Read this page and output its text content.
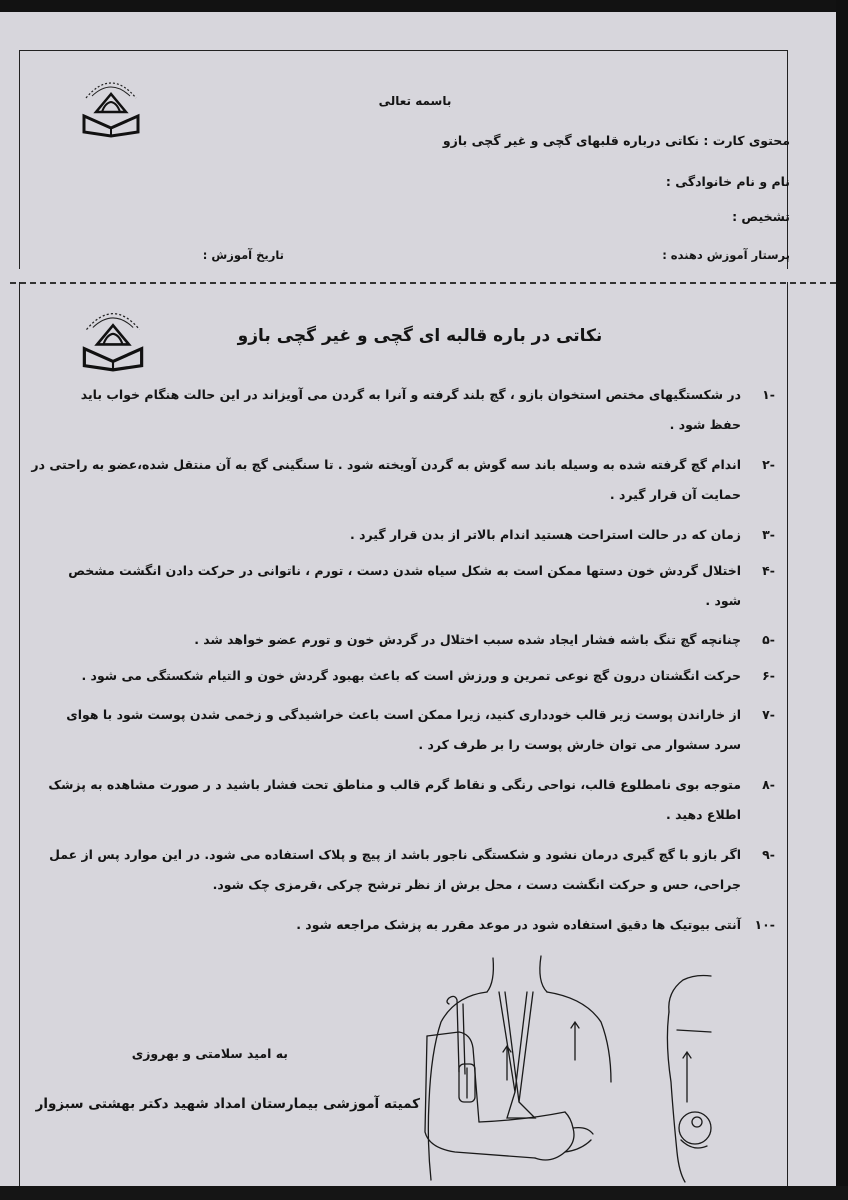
باسمه تعالی
محتوی کارت : نکاتی درباره قلبهای گچی و غیر گچی بازو
نام و نام خانوادگی :
تشخیص :
پرستار آموزش دهنده :
تاریخ آموزش :
نکاتی در باره قالبه ای گچی و غیر گچی بازو
-۱
در شکستگیهای مختص استخوان بازو ، گچ بلند گرفته و آنرا به گردن می آویزاند در این حالت هنگام خواب باید
حفظ شود .
-۲
اندام گچ گرفته شده به وسیله باند سه گوش به گردن آویخته شود . تا سنگینی گچ به آن منتقل شده،عضو به راحتی در
حمایت آن قرار گیرد .
-۳
زمان که در حالت استراحت هستید اندام بالاتر از بدن قرار گیرد .
-۴
اختلال گردش خون دستها ممکن است به شکل سیاه شدن دست ، تورم ، ناتوانی در حرکت دادن انگشت مشخص
شود .
-۵
چنانچه گچ تنگ باشه فشار ایجاد شده سبب اختلال در گردش خون و تورم عضو خواهد شد .
-۶
حرکت انگشتان درون گچ نوعی تمرین و ورزش است که باعث بهبود گردش خون و التیام شکستگی می شود .
-۷
از خاراندن پوست زیر قالب خودداری کنید، زیرا ممکن است باعث خراشیدگی و زخمی شدن پوست شود با هوای
سرد سشوار می توان خارش پوست را بر طرف کرد .
-۸
متوجه بوی نامطلوع قالب، نواحی رنگی و نقاط گرم قالب و مناطق تحت فشار باشید د ر صورت مشاهده به پزشک
اطلاع دهید .
-۹
اگر بازو با گچ گیری درمان نشود و شکستگی ناجور باشد از پیچ و پلاک استفاده می شود. در این موارد پس از عمل
جراحی، حس و حرکت انگشت دست ، محل برش از نظر ترشح چرکی ،قرمزی چک شود.
-۱۰
آنتی بیوتیک ها دقیق استفاده شود در موعد مقرر به پزشک مراجعه شود .
به امید سلامتی و بهروزی
کمیته آموزشی بیمارستان امداد شهید دکتر بهشتی سبزوار
